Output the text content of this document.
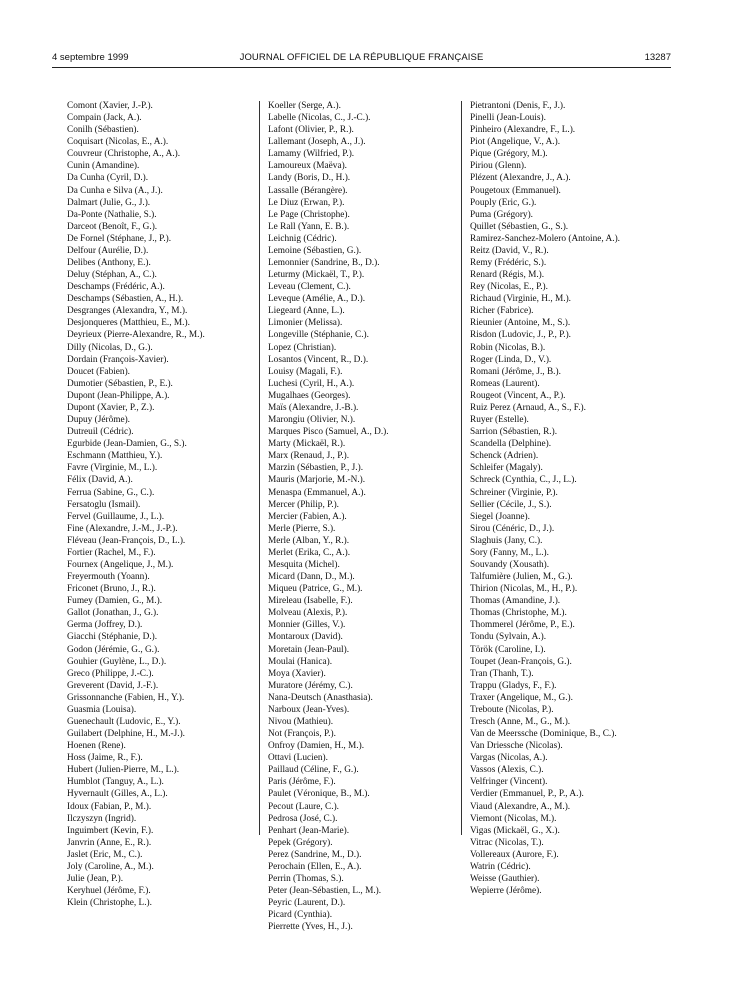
4 septembre 1999	JOURNAL OFFICIEL DE LA RÉPUBLIQUE FRANÇAISE	13287
Comont (Xavier, J.-P.).
Compain (Jack, A.).
Conilh (Sébastien).
Coquisart (Nicolas, E., A.).
Couvreur (Christophe, A., A.).
Cunin (Amandine).
Da Cunha (Cyril, D.).
Da Cunha e Silva (A., J.).
Dalmart (Julie, G., J.).
Da-Ponte (Nathalie, S.).
Darceot (Benoît, F., G.).
De Fornel (Stéphane, J., P.).
Delfour (Aurélie, D.).
Delibes (Anthony, E.).
Deluy (Stéphan, A., C.).
Deschamps (Frédéric, A.).
Deschamps (Sébastien, A., H.).
Desgranges (Alexandra, Y., M.).
Desjonqueres (Matthieu, E., M.).
Deyrieux (Pierre-Alexandre, R., M.).
Dilly (Nicolas, D., G.).
Dordain (François-Xavier).
Doucet (Fabien).
Dumotier (Sébastien, P., E.).
Dupont (Jean-Philippe, A.).
Dupont (Xavier, P., Z.).
Dupuy (Jérôme).
Dutreuil (Cédric).
Egurbide (Jean-Damien, G., S.).
Eschmann (Matthieu, Y.).
Favre (Virginie, M., L.).
Félix (David, A.).
Ferrua (Sabine, G., C.).
Fersatoglu (Ismail).
Fervel (Guillaume, J., L.).
Fine (Alexandre, J.-M., J.-P.).
Fléveau (Jean-François, D., L.).
Fortier (Rachel, M., F.).
Fournex (Angelique, J., M.).
Freyermouth (Yoann).
Friconet (Bruno, J., R.).
Fumey (Damien, G., M.).
Gallot (Jonathan, J., G.).
Germa (Joffrey, D.).
Giacchi (Stéphanie, D.).
Godon (Jérémie, G., G.).
Gouhier (Guylène, L., D.).
Greco (Philippe, J.-C.).
Greverent (David, J.-F.).
Grissonnanche (Fabien, H., Y.).
Guasmia (Louisa).
Guenechault (Ludovic, E., Y.).
Guilabert (Delphine, H., M.-J.).
Hoenen (Rene).
Hoss (Jaime, R., F.).
Hubert (Julien-Pierre, M., L.).
Humblot (Tanguy, A., L.).
Hyvernault (Gilles, A., L.).
Idoux (Fabian, P., M.).
Ilczyszyn (Ingrid).
Inguimbert (Kevin, F.).
Janvrin (Anne, E., R.).
Jaslet (Eric, M., C.).
Joly (Caroline, A., M.).
Julie (Jean, P.).
Keryhuel (Jérôme, F.).
Klein (Christophe, L.).
Koeller (Serge, A.).
Labelle (Nicolas, C., J.-C.).
Lafont (Olivier, P., R.).
Lallemant (Joseph, A., J.).
Lamamy (Wilfried, P.).
Lamoureux (Maëva).
Landy (Boris, D., H.).
Lassalle (Bérangère).
Le Diuz (Erwan, P.).
Le Page (Christophe).
Le Rall (Yann, E. B.).
Leichnig (Cédric).
Lemoine (Sébastien, G.).
Lemonnier (Sandrine, B., D.).
Leturmy (Mickaël, T., P.).
Leveau (Clement, C.).
Leveque (Amélie, A., D.).
Liegeard (Anne, L.).
Limonier (Melissa).
Longeville (Stéphanie, C.).
Lopez (Christian).
Losantos (Vincent, R., D.).
Louisy (Magali, F.).
Luchesi (Cyril, H., A.).
Mugalhaes (Georges).
Maïs (Alexandre, J.-B.).
Marongiu (Olivier, N.).
Marques Pisco (Samuel, A., D.).
Marty (Mickaël, R.).
Marx (Renaud, J., P.).
Marzin (Sébastien, P., J.).
Mauris (Marjorie, M.-N.).
Menaspa (Emmanuel, A.).
Mercer (Philip, P.).
Mercier (Fabien, A.).
Merle (Pierre, S.).
Merle (Alban, Y., R.).
Merlet (Erika, C., A.).
Mesquita (Michel).
Micard (Dann, D., M.).
Miqueu (Patrice, G., M.).
Mireleau (Isabelle, F.).
Molveau (Alexis, P.).
Monnier (Gilles, V.).
Montaroux (David).
Moretain (Jean-Paul).
Moulai (Hanica).
Moya (Xavier).
Muratore (Jérémy, C.).
Nana-Deutsch (Anasthasia).
Narboux (Jean-Yves).
Nivou (Mathieu).
Not (François, P.).
Onfroy (Damien, H., M.).
Ottavi (Lucien).
Paillaud (Céline, F., G.).
Paris (Jérôme, F.).
Paulet (Véronique, B., M.).
Pecout (Laure, C.).
Pedrosa (José, C.).
Penhart (Jean-Marie).
Pepek (Grégory).
Perez (Sandrine, M., D.).
Perochain (Ellen, E., A.).
Perrin (Thomas, S.).
Peter (Jean-Sébastien, L., M.).
Peyric (Laurent, D.).
Picard (Cynthia).
Pierrette (Yves, H., J.).
Pietrantoni (Denis, F., J.).
Pinelli (Jean-Louis).
Pinheiro (Alexandre, F., L.).
Piot (Angelique, V., A.).
Pique (Grégory, M.).
Piriou (Glenn).
Plézent (Alexandre, J., A.).
Pougetoux (Emmanuel).
Pouply (Eric, G.).
Puma (Grégory).
Quillet (Sébastien, G., S.).
Ramirez-Sanchez-Molero (Antoine, A.).
Reitz (David, V., R.).
Remy (Frédéric, S.).
Renard (Régis, M.).
Rey (Nicolas, E., P.).
Richaud (Virginie, H., M.).
Richer (Fabrice).
Rieunier (Antoine, M., S.).
Risdon (Ludovic, J., P., P.).
Robin (Nicolas, B.).
Roger (Linda, D., V.).
Romani (Jérôme, J., B.).
Romeas (Laurent).
Rougeot (Vincent, A., P.).
Ruiz Perez (Arnaud, A., S., F.).
Ruyer (Estelle).
Sarrion (Sébastien, R.).
Scandella (Delphine).
Schenck (Adrien).
Schleifer (Magaly).
Schreck (Cynthia, C., J., L.).
Schreiner (Virginie, P.).
Sellier (Cécile, J., S.).
Siegel (Joanne).
Sirou (Cénéric, D., J.).
Slaghuis (Jany, C.).
Sory (Fanny, M., L.).
Souvandy (Xousath).
Talfumière (Julien, M., G.).
Thirion (Nicolas, M., H., P.).
Thomas (Amandine, J.).
Thomas (Christophe, M.).
Thommerel (Jérôme, P., E.).
Tondu (Sylvain, A.).
Török (Caroline, I.).
Toupet (Jean-François, G.).
Tran (Thanh, T.).
Trappu (Gladys, F., F.).
Traxer (Angelique, M., G.).
Treboute (Nicolas, P.).
Tresch (Anne, M., G., M.).
Van de Meerssche (Dominique, B., C.).
Van Driessche (Nicolas).
Vargas (Nicolas, A.).
Vassos (Alexis, C.).
Velfringer (Vincent).
Verdier (Emmanuel, P., P., A.).
Viaud (Alexandre, A., M.).
Viemont (Nicolas, M.).
Vigas (Mickaël, G., X.).
Vitrac (Nicolas, T.).
Vollereaux (Aurore, F.).
Watrin (Cédric).
Weisse (Gauthier).
Wepierre (Jérôme).
